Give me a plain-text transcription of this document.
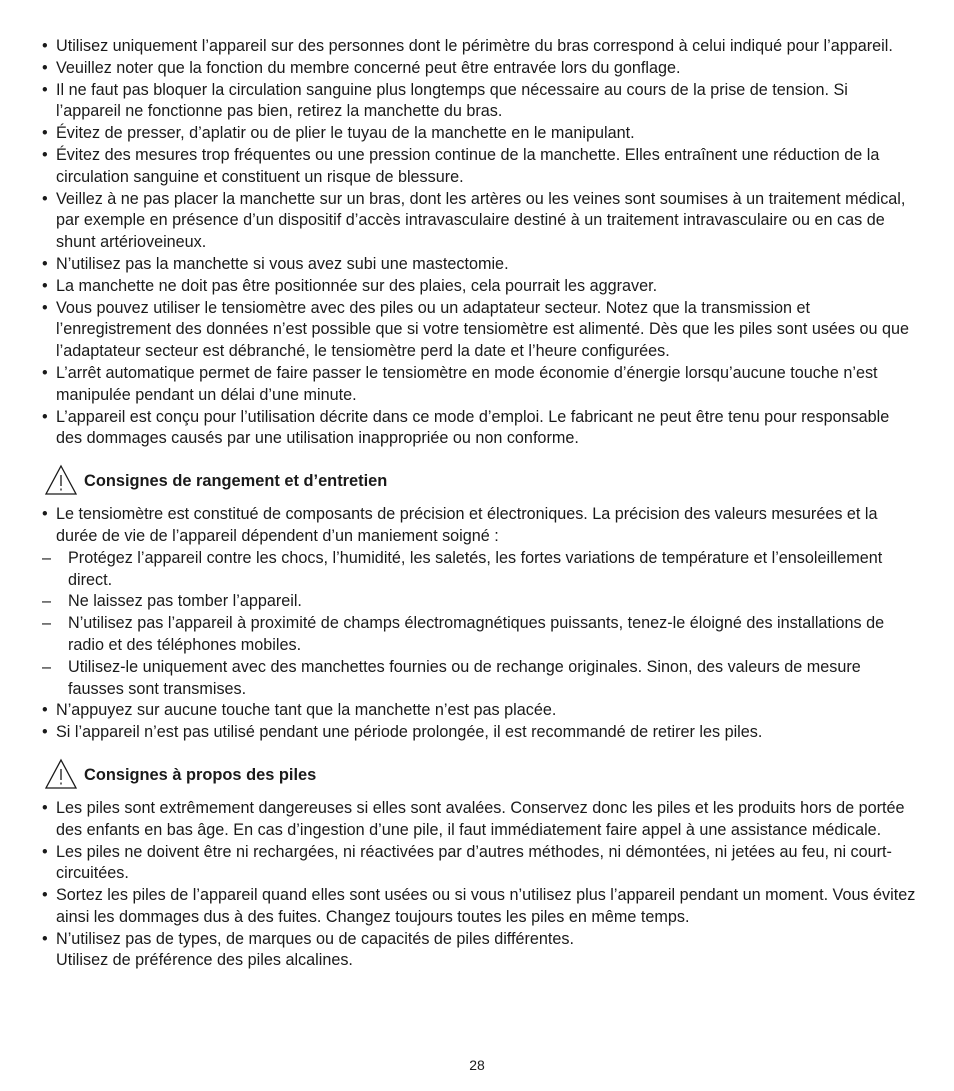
• Utilisez uniquement l’appareil sur des personnes dont le périmètre du bras correspond à celui indiqué pour l’appareil.
• Veuillez noter que la fonction du membre concerné peut être entravée lors du gonflage.
• Il ne faut pas bloquer la circulation sanguine plus longtemps que nécessaire au cours de la prise de tension. Si l’appareil ne fonctionne pas bien, retirez la manchette du bras.
• Évitez de presser, d’aplatir ou de plier le tuyau de la manchette en le manipulant.
• Évitez des mesures trop fréquentes ou une pression continue de la manchette. Elles entraînent une réduction de la circulation sanguine et constituent un risque de blessure.
• Veillez à ne pas placer la manchette sur un bras, dont les artères ou les veines sont soumises à un traitement médical, par exemple en présence d’un dispositif d’accès intravasculaire destiné à un traitement intravasculaire ou en cas de shunt artérioveineux.
• N’utilisez pas la manchette si vous avez subi une mastectomie.
• La manchette ne doit pas être positionnée sur des plaies, cela pourrait les aggraver.
• Vous pouvez utiliser le tensiomètre avec des piles ou un adaptateur secteur. Notez que la transmission et l’enregistrement des données n’est possible que si votre tensiomètre est alimenté. Dès que les piles sont usées ou que l’adaptateur secteur est débranché, le tensiomètre perd la date et l’heure configurées.
• L’arrêt automatique permet de faire passer le tensiomètre en mode économie d’énergie lorsqu’aucune touche n’est manipulée pendant un délai d’une minute.
• L’appareil est conçu pour l’utilisation décrite dans ce mode d’emploi. Le fabricant ne peut être tenu pour responsable des dommages causés par une utilisation inappropriée ou non conforme.
Consignes de rangement et d’entretien
• Le tensiomètre est constitué de composants de précision et électroniques. La précision des valeurs mesurées et la durée de vie de l’appareil dépendent d’un maniement soigné :
– Protégez l’appareil contre les chocs, l’humidité, les saletés, les fortes variations de température et l’ensoleillement direct.
– Ne laissez pas tomber l’appareil.
– N’utilisez pas l’appareil à proximité de champs électromagnétiques puissants, tenez-le éloigné des installations de radio et des téléphones mobiles.
– Utilisez-le uniquement avec des manchettes fournies ou de rechange originales. Sinon, des valeurs de mesure fausses sont transmises.
• N’appuyez sur aucune touche tant que la manchette n’est pas placée.
• Si l’appareil n’est pas utilisé pendant une période prolongée, il est recommandé de retirer les piles.
Consignes à propos des piles
• Les piles sont extrêmement dangereuses si elles sont avalées. Conservez donc les piles et les produits hors de portée des enfants en bas âge. En cas d’ingestion d’une pile, il faut immédiatement faire appel à une assistance médicale.
• Les piles ne doivent être ni rechargées, ni réactivées par d’autres méthodes, ni démontées, ni jetées au feu, ni court-circuitées.
• Sortez les piles de l’appareil quand elles sont usées ou si vous n’utilisez plus l’appareil pendant un moment. Vous évitez ainsi les dommages dus à des fuites. Changez toujours toutes les piles en même temps.
• N’utilisez pas de types, de marques ou de capacités de piles différentes.
Utilisez de préférence des piles alcalines.
28
